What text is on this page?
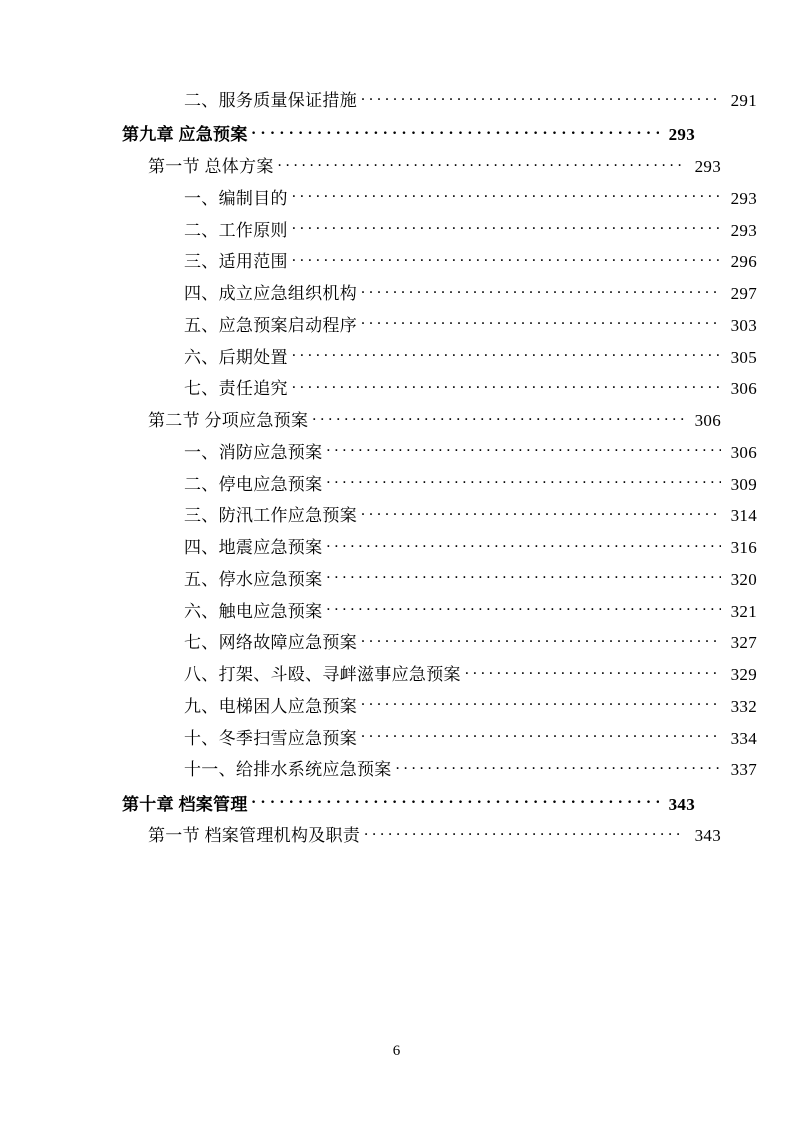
二、服务质量保证措施 . . .	291
第九章 应急预案 . . .	293
第一节 总体方案 . . .	293
一、编制目的 . . .	293
二、工作原则 . . .	293
三、适用范围 . . .	296
四、成立应急组织机构 . . .	297
五、应急预案启动程序 . . .	303
六、后期处置 . . .	305
七、责任追究 . . .	306
第二节 分项应急预案 . . .	306
一、消防应急预案 . . .	306
二、停电应急预案 . . .	309
三、防汛工作应急预案 . . .	314
四、地震应急预案 . . .	316
五、停水应急预案 . . .	320
六、触电应急预案 . . .	321
七、网络故障应急预案 . . .	327
八、打架、斗殴、寻衅滋事应急预案 . . .	329
九、电梯困人应急预案 . . .	332
十、冬季扫雪应急预案 . . .	334
十一、给排水系统应急预案 . . .	337
第十章 档案管理 . . .	343
第一节 档案管理机构及职责 . . .	343
6
